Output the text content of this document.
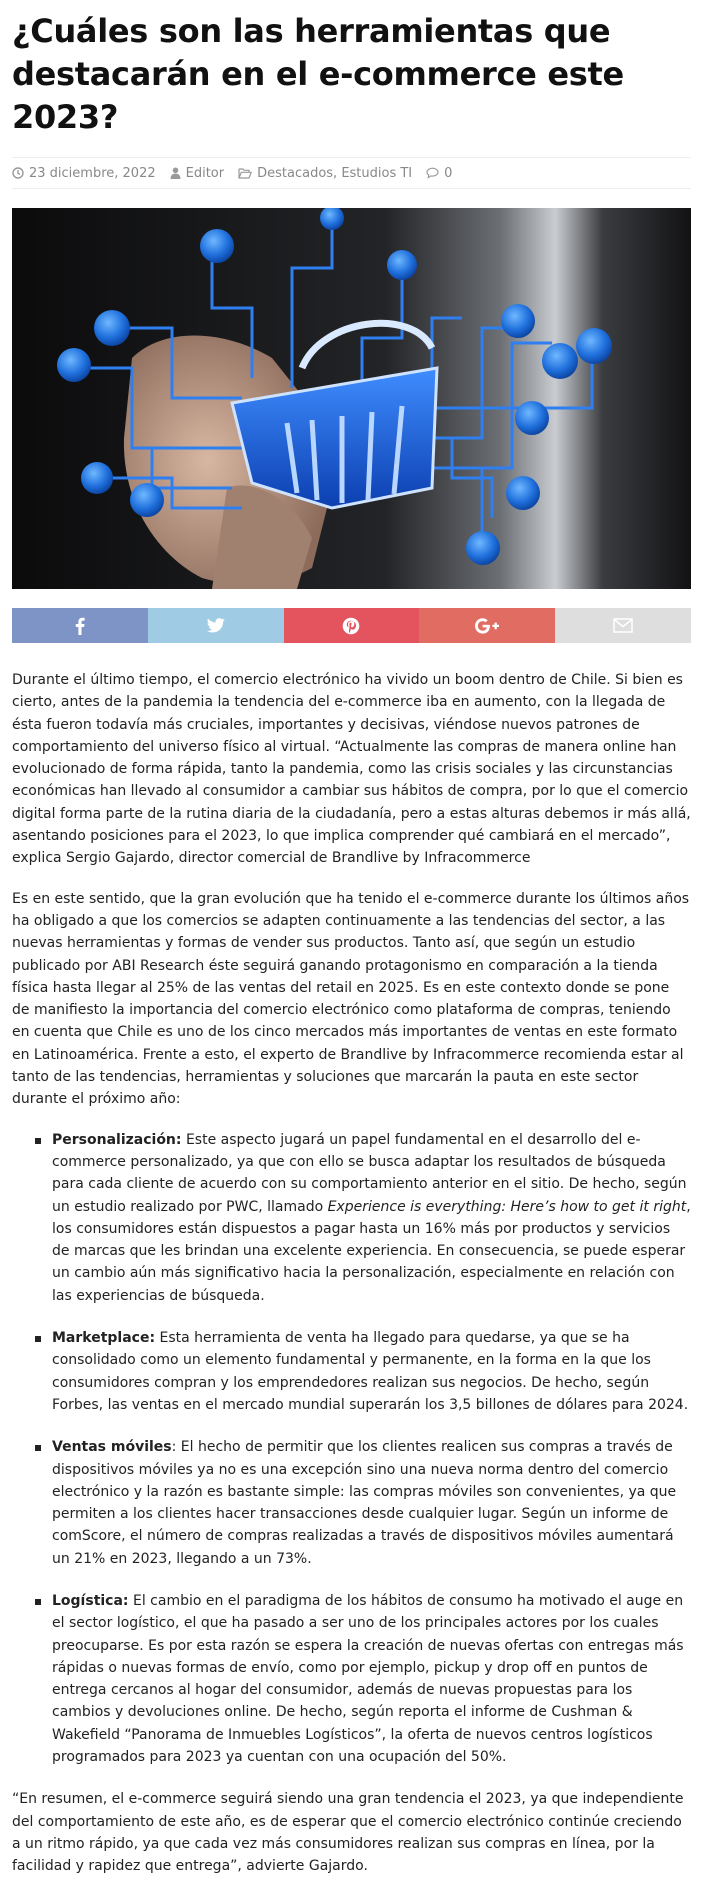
¿Cuáles son las herramientas que destacarán en el e-commerce este 2023?
23 diciembre, 2022 Editor	Destacados , Estudios TI 0

Durante el último tiempo, el comercio electrónico ha vivido un boom dentro de Chile. Si bien es cierto, antes de la pandemia la tendencia del e-commerce iba en aumento, con la llegada de ésta fueron todavía más cruciales, importantes y decisivas, viéndose nuevos patrones de comportamiento del universo físico al virtual. “Actualmente las compras de manera online han evolucionado de forma rápida, tanto la pandemia, como las crisis sociales y las circunstancias económicas han llevado al consumidor a cambiar sus hábitos de compra, por lo que el comercio digital forma parte de la rutina diaria de la ciudadanía, pero a estas alturas debemos ir más allá, asentando posiciones para el 2023, lo que implica comprender qué cambiará en el mercado”, explica Sergio Gajardo, director comercial de Brandlive by Infracommerce

Es en este sentido, que la gran evolución que ha tenido el e-commerce durante los últimos años ha obligado a que los comercios se adapten continuamente a las tendencias del sector, a las nuevas herramientas y formas de vender sus productos. Tanto así, que según un estudio publicado por ABI Research éste seguirá ganando protagonismo en comparación a la tienda física hasta llegar al 25% de las ventas del retail en 2025. Es en este contexto donde se pone de manifiesto la importancia del comercio electrónico como plataforma de compras, teniendo en cuenta que Chile es uno de los cinco mercados más importantes de ventas en este formato en Latinoamérica. Frente a esto, el experto de Brandlive by Infracommerce recomienda estar al tanto de las tendencias, herramientas y soluciones que marcarán la pauta en este sector durante el próximo año:

Personalización: Este aspecto jugará un papel fundamental en el desarrollo del e-commerce personalizado, ya que con ello se busca adaptar los resultados de búsqueda para cada cliente de acuerdo con su comportamiento anterior en el sitio. De hecho, según un estudio realizado por PWC, llamado Experience is everything: Here’s how to get it right, los consumidores están dispuestos a pagar hasta un 16% más por productos y servicios de marcas que les brindan una excelente experiencia. En consecuencia, se puede esperar un cambio aún más significativo hacia la personalización, especialmente en relación con las experiencias de búsqueda.
Marketplace: Esta herramienta de venta ha llegado para quedarse, ya que se ha consolidado como un elemento fundamental y permanente, en la forma en la que los consumidores compran y los emprendedores realizan sus negocios. De hecho, según Forbes, las ventas en el mercado mundial superarán los 3,5 billones de dólares para 2024.
Ventas móviles: El hecho de permitir que los clientes realicen sus compras a través de dispositivos móviles ya no es una excepción sino una nueva norma dentro del comercio electrónico y la razón es bastante simple: las compras móviles son convenientes, ya que permiten a los clientes hacer transacciones desde cualquier lugar. Según un informe de comScore, el número de compras realizadas a través de dispositivos móviles aumentará un 21% en 2023, llegando a un 73%.
Logística: El cambio en el paradigma de los hábitos de consumo ha motivado el auge en el sector logístico, el que ha pasado a ser uno de los principales actores por los cuales preocuparse. Es por esta razón se espera la creación de nuevas ofertas con entregas más rápidas o nuevas formas de envío, como por ejemplo, pickup y drop off en puntos de entrega cercanos al hogar del consumidor, además de nuevas propuestas para los cambios y devoluciones online. De hecho, según reporta el informe de Cushman & Wakefield “Panorama de Inmuebles Logísticos”, la oferta de nuevos centros logísticos programados para 2023 ya cuentan con una ocupación del 50%.

“En resumen, el e-commerce seguirá siendo una gran tendencia el 2023, ya que independiente del comportamiento de este año, es de esperar que el comercio electrónico continúe creciendo a un ritmo rápido, ya que cada vez más consumidores realizan sus compras en línea, por la facilidad y rapidez que entrega”, advierte Gajardo.
